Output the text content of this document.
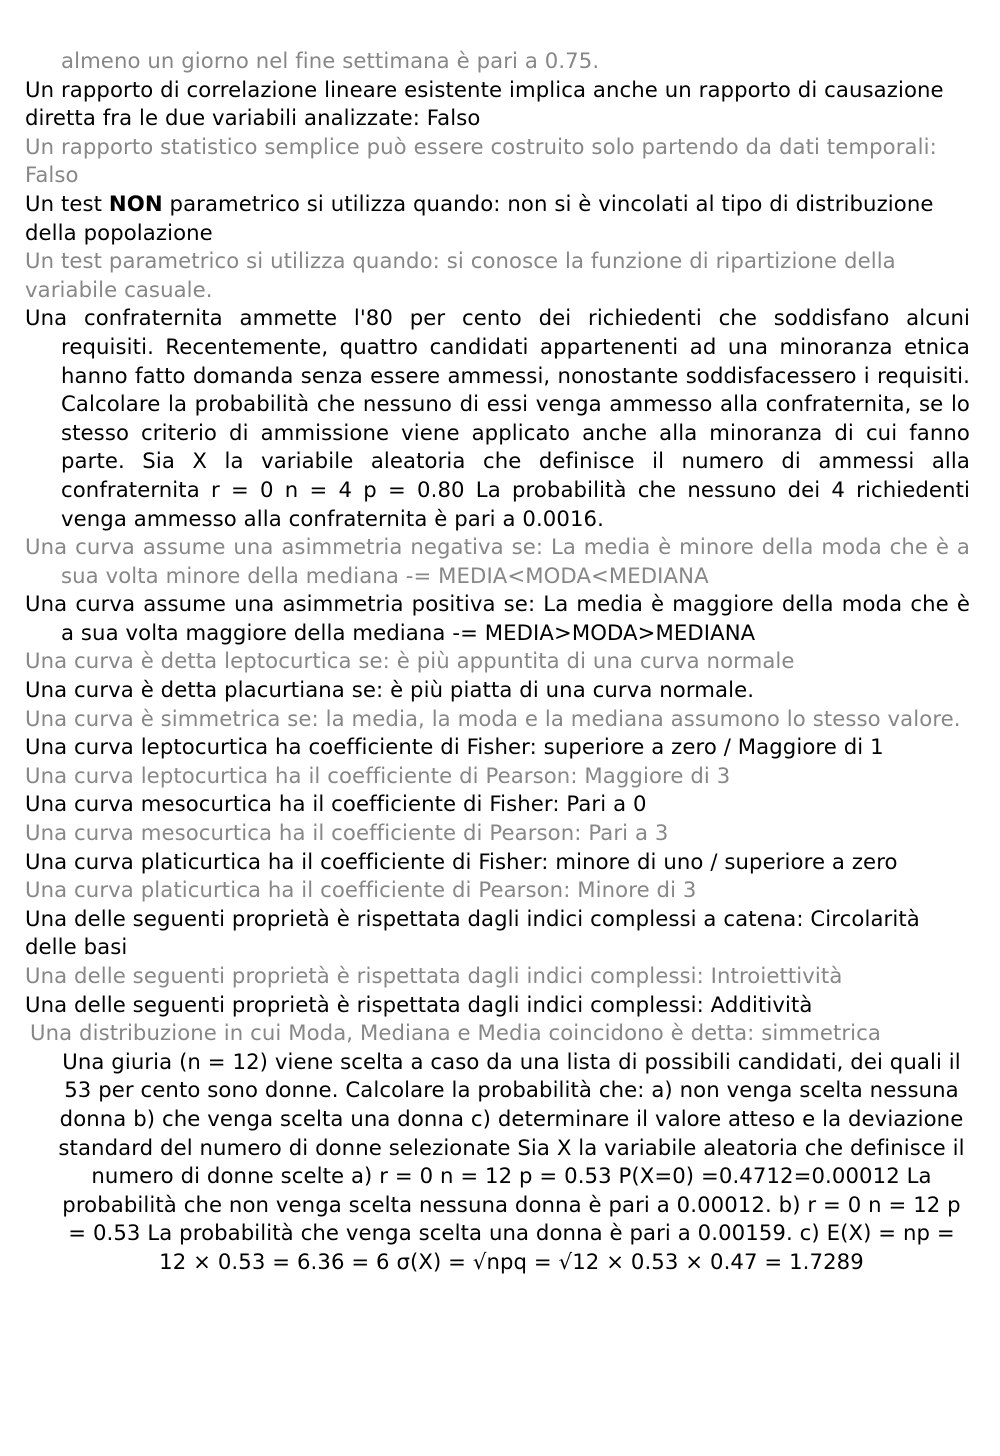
almeno un giorno nel fine settimana è pari a 0.75.

Un rapporto di correlazione lineare esistente implica anche un rapporto di causazione diretta fra le due variabili analizzate: Falso

Un rapporto statistico semplice può essere costruito solo partendo da dati temporali: Falso

Un test NON parametrico si utilizza quando: non si è vincolati al tipo di distribuzione della popolazione

Un test parametrico si utilizza quando: si conosce la funzione di ripartizione della variabile casuale.

Una confraternita ammette l'80 per cento dei richiedenti che soddisfano alcuni requisiti. Recentemente, quattro candidati appartenenti ad una minoranza etnica hanno fatto domanda senza essere ammessi, nonostante soddisfacessero i requisiti. Calcolare la probabilità che nessuno di essi venga ammesso alla confraternita, se lo stesso criterio di ammissione viene applicato anche alla minoranza di cui fanno parte. Sia X la variabile aleatoria che definisce il numero di ammessi alla confraternita r = 0 n = 4 p = 0.80 La probabilità che nessuno dei 4 richiedenti venga ammesso alla confraternita è pari a 0.0016.

Una curva assume una asimmetria negativa se: La media è minore della moda che è a sua volta minore della mediana -= MEDIA<MODA<MEDIANA

Una curva assume una asimmetria positiva se: La media è maggiore della moda che è a sua volta maggiore della mediana -= MEDIA>MODA>MEDIANA

Una curva è detta leptocurtica se: è più appuntita di una curva normale

Una curva è detta placurtiana se: è più piatta di una curva normale.

Una curva è simmetrica se: la media, la moda e la mediana assumono lo stesso valore.

Una curva leptocurtica ha coefficiente di Fisher: superiore a zero / Maggiore di 1

Una curva leptocurtica ha il coefficiente di Pearson: Maggiore di 3

Una curva mesocurtica ha il coefficiente di Fisher: Pari a 0

Una curva mesocurtica ha il coefficiente di Pearson: Pari a 3

Una curva platicurtica ha il coefficiente di Fisher: minore di uno / superiore a zero

Una curva platicurtica ha il coefficiente di Pearson: Minore di 3

Una delle seguenti proprietà è rispettata dagli indici complessi a catena: Circolarità delle basi

Una delle seguenti proprietà è rispettata dagli indici complessi: Introiettività

Una delle seguenti proprietà è rispettata dagli indici complessi: Additività

Una distribuzione in cui Moda, Mediana e Media coincidono è detta: simmetrica

Una giuria (n = 12) viene scelta a caso da una lista di possibili candidati, dei quali il 53 per cento sono donne. Calcolare la probabilità che: a) non venga scelta nessuna donna b) che venga scelta una donna c) determinare il valore atteso e la deviazione standard del numero di donne selezionate Sia X la variabile aleatoria che definisce il numero di donne scelte a) r = 0 n = 12 p = 0.53 P(X=0) =0.4712=0.00012 La probabilità che non venga scelta nessuna donna è pari a 0.00012. b) r = 0 n = 12 p = 0.53 La probabilità che venga scelta una donna è pari a 0.00159. c) E(X) = np = 12 × 0.53 = 6.36 = 6 σ(X) = √npq = √12 × 0.53 × 0.47 = 1.7289
